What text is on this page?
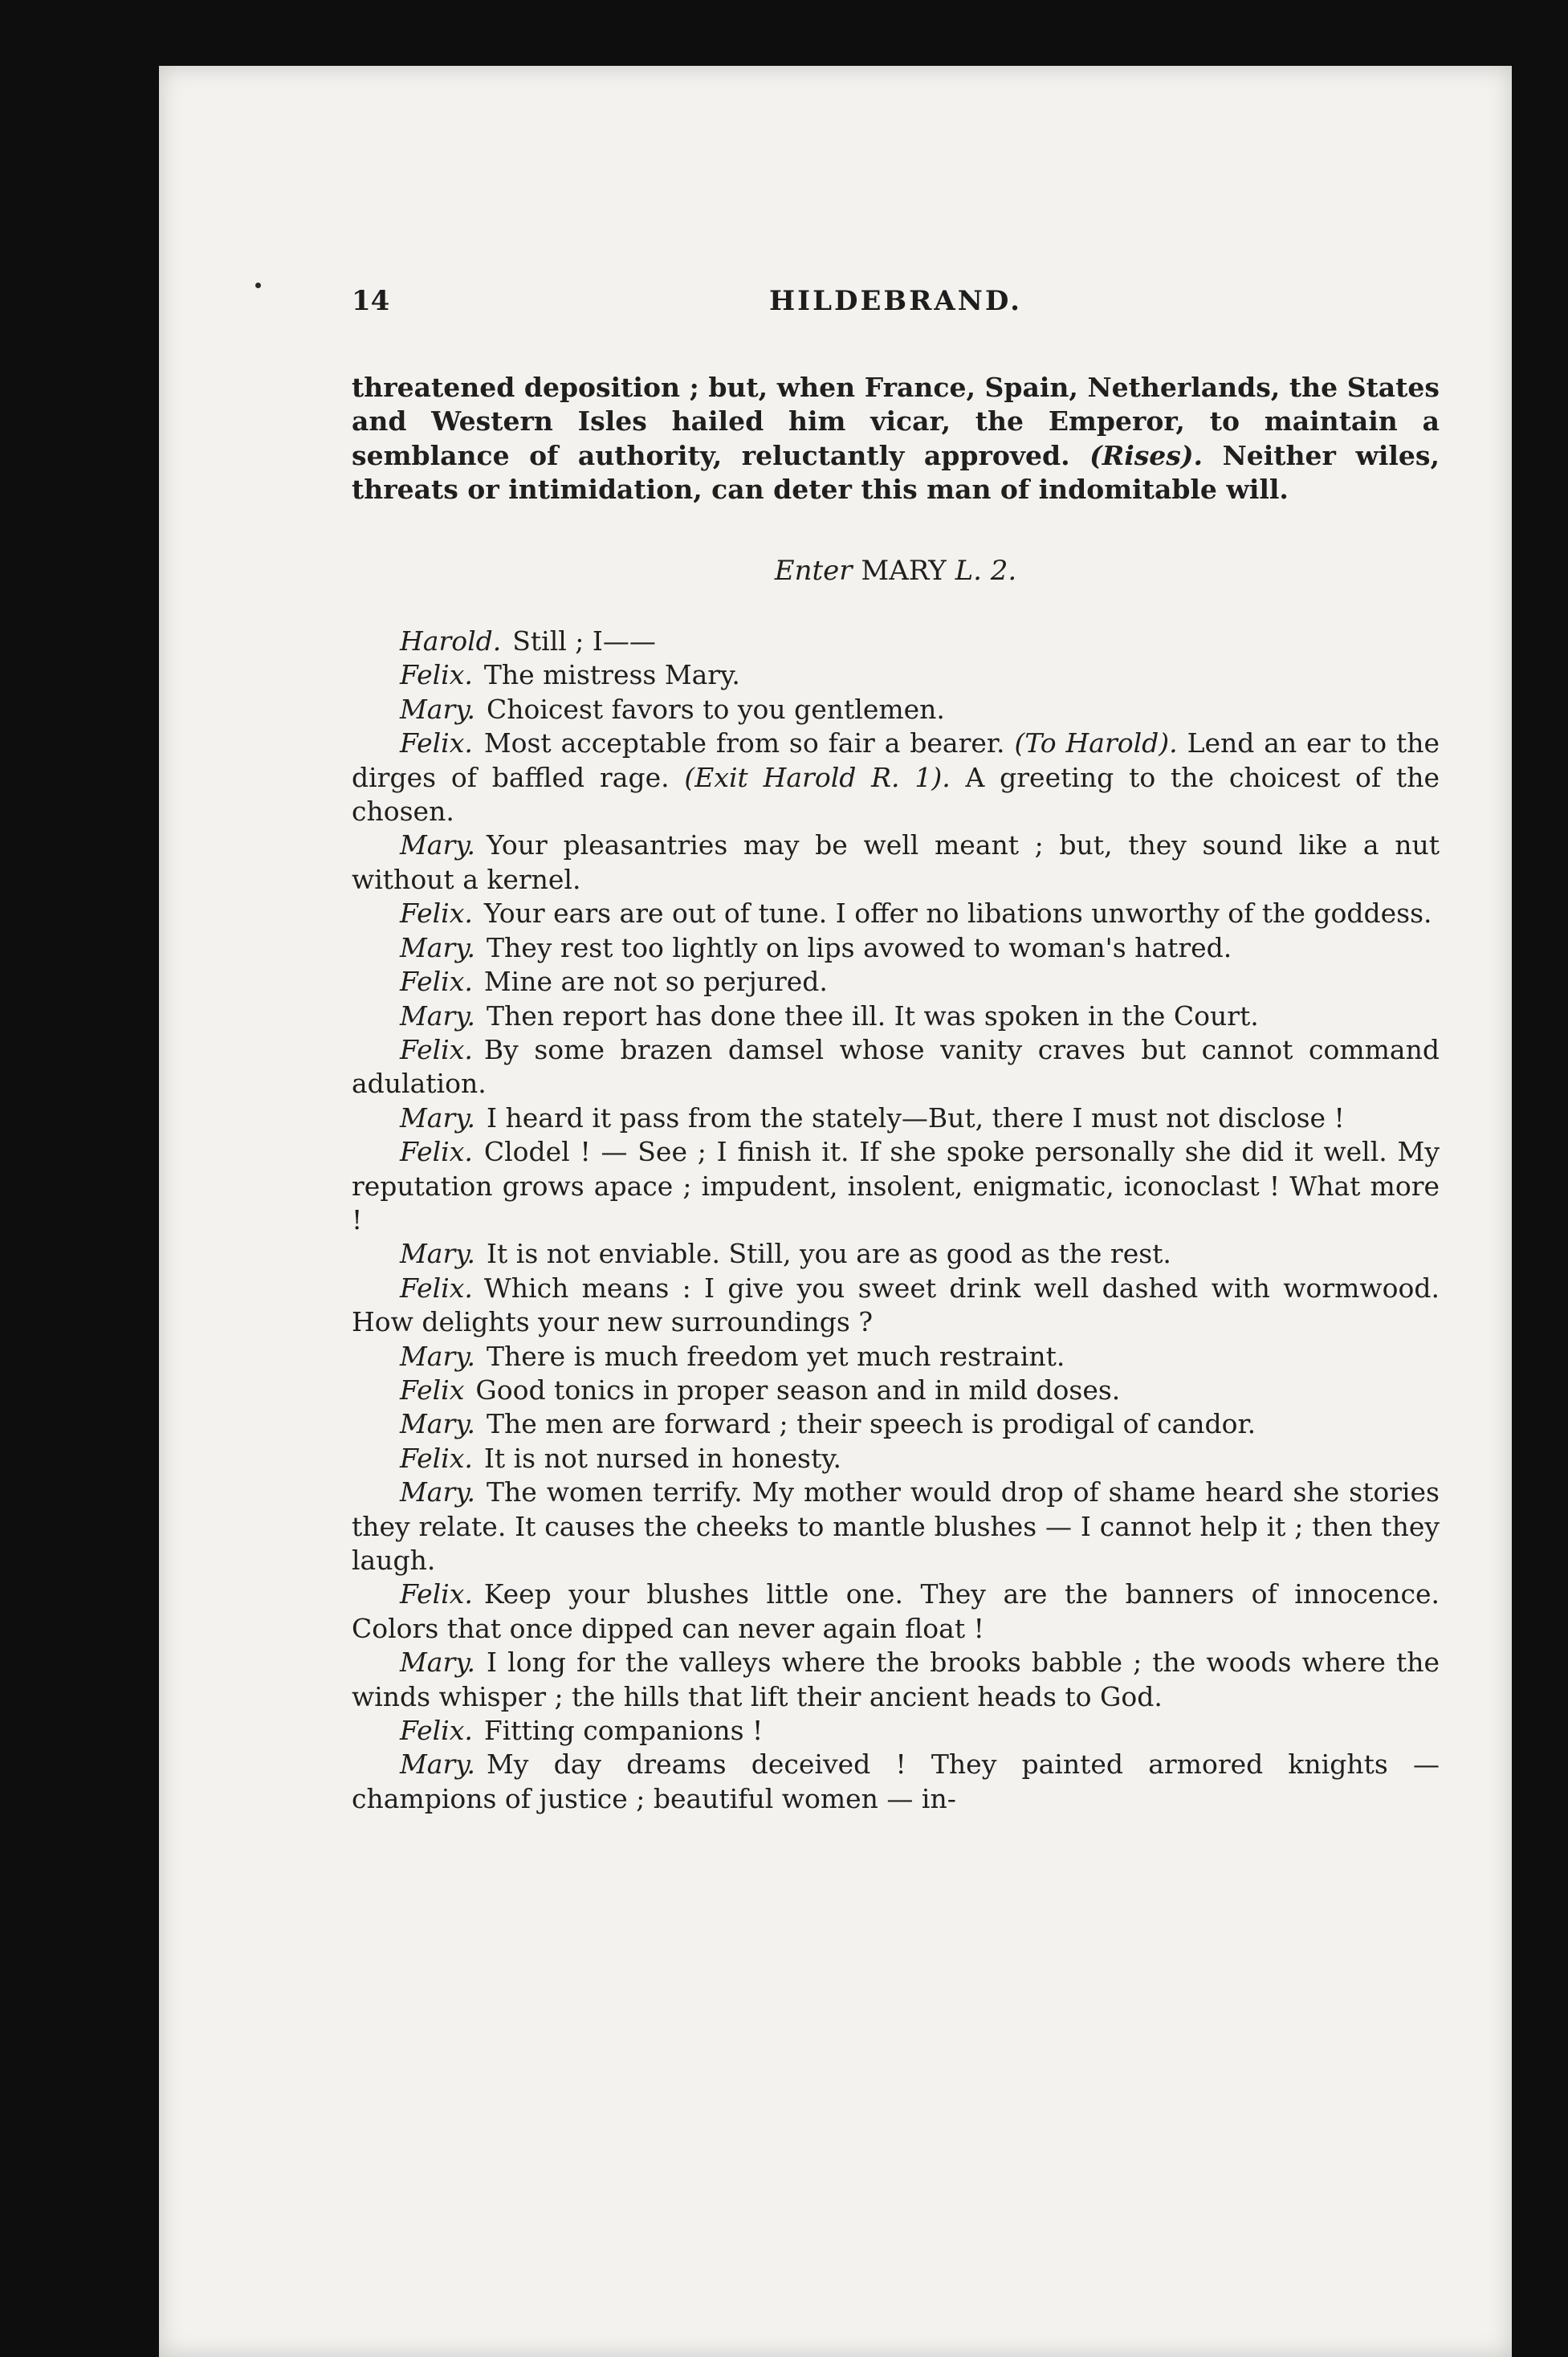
14	HILDEBRAND.

threatened deposition ; but, when France, Spain, Netherlands, the States and Western Isles hailed him vicar, the Emperor, to maintain a semblance of authority, reluctantly approved. (Rises). Neither wiles, threats or intimidation, can deter this man of indomitable will.

Enter MARY L. 2.

Harold. Still ; I——

Felix. The mistress Mary.

Mary. Choicest favors to you gentlemen.

Felix. Most acceptable from so fair a bearer. (To Harold). Lend an ear to the dirges of baffled rage. (Exit Harold R. 1). A greeting to the choicest of the chosen.

Mary. Your pleasantries may be well meant ; but, they sound like a nut without a kernel.

Felix. Your ears are out of tune. I offer no libations unworthy of the goddess.

Mary. They rest too lightly on lips avowed to woman's hatred.

Felix. Mine are not so perjured.

Mary. Then report has done thee ill. It was spoken in the Court.

Felix. By some brazen damsel whose vanity craves but cannot command adulation.

Mary. I heard it pass from the stately—But, there I must not disclose !

Felix. Clodel ! — See ; I finish it. If she spoke personally she did it well. My reputation grows apace ; impudent, insolent, enigmatic, iconoclast ! What more !

Mary. It is not enviable. Still, you are as good as the rest.

Felix. Which means : I give you sweet drink well dashed with wormwood. How delights your new surroundings ?

Mary. There is much freedom yet much restraint.

Felix Good tonics in proper season and in mild doses.

Mary. The men are forward ; their speech is prodigal of candor.

Felix. It is not nursed in honesty.

Mary. The women terrify. My mother would drop of shame heard she stories they relate. It causes the cheeks to mantle blushes — I cannot help it ; then they laugh.

Felix. Keep your blushes little one. They are the banners of innocence. Colors that once dipped can never again float !

Mary. I long for the valleys where the brooks babble ; the woods where the winds whisper ; the hills that lift their ancient heads to God.

Felix. Fitting companions !

Mary. My day dreams deceived ! They painted armored knights — champions of justice ; beautiful women — in-
